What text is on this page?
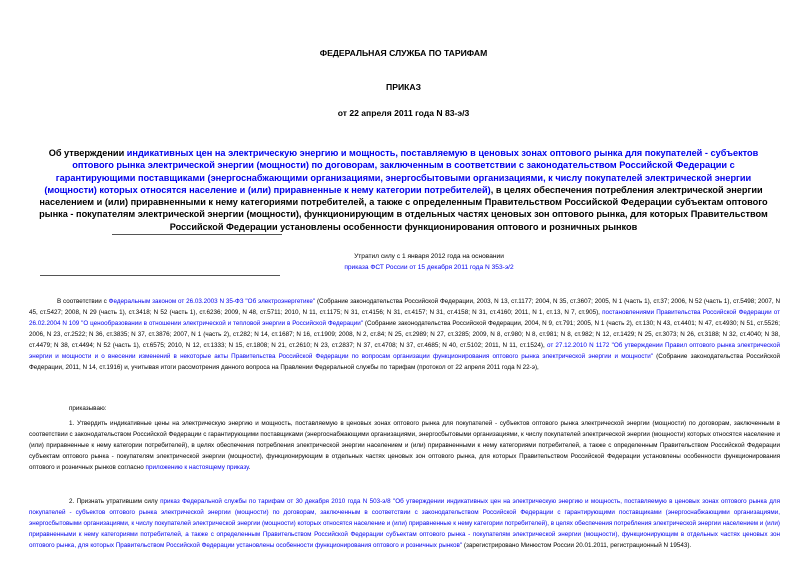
ФЕДЕРАЛЬНАЯ СЛУЖБА ПО ТАРИФАМ
ПРИКАЗ
от 22 апреля 2011 года N 83-э/3
Об утверждении индикативных цен на электрическую энергию и мощность, поставляемую в ценовых зонах оптового рынка для покупателей - субъектов оптового рынка электрической энергии (мощности) по договорам, заключенным в соответствии с законодательством Российской Федерации с гарантирующими поставщиками (энергоснабжающими организациями, энергосбытовыми организациями, к числу покупателей электрической энергии (мощности) которых относятся население и (или) приравненные к нему категории потребителей), в целях обеспечения потребления электрической энергии населением и (или) приравненными к нему категориями потребителей, а также с определенным Правительством Российской Федерации субъектам оптового рынка - покупателям электрической энергии (мощности), функционирующим в отдельных частях ценовых зон оптового рынка, для которых Правительством Российской Федерации установлены особенности функционирования оптового и розничных рынков
Утратил силу с 1 января 2012 года на основании
приказа ФСТ России от 15 декабря 2011 года N 353-э/2
В соответствии с Федеральным законом от 26.03.2003 N 35-ФЗ "Об электроэнергетике" (Собрание законодательства Российской Федерации, 2003, N 13, ст.1177; 2004, N 35, ст.3607; 2005, N 1 (часть 1), ст.37; 2006, N 52 (часть 1), ст.5498; 2007, N 45, ст.5427; 2008, N 29 (часть 1), ст.3418; N 52 (часть 1), ст.6236; 2009, N 48, ст.5711; 2010, N 11, ст.1175; N 31, ст.4156; N 31, ст.4157; N 31, ст.4158; N 31, ст.4160; 2011, N 1, ст.13, N 7, ст.905), постановлениями Правительства Российской Федерации от 26.02.2004 N 109 "О ценообразовании в отношении электрической и тепловой энергии в Российской Федерации" (Собрание законодательства Российской Федерации, 2004, N 9, ст.791; 2005, N 1 (часть 2), ст.130; N 43, ст.4401; N 47, ст.4930; N 51, ст.5526; 2006, N 23, ст.2522; N 36, ст.3835; N 37, ст.3876; 2007, N 1 (часть 2), ст.282; N 14, ст.1687; N 16, ст.1909; 2008, N 2, ст.84; N 25, ст.2989; N 27, ст.3285; 2009, N 8, ст.980; N 8, ст.981; N 8, ст.982; N 12, ст.1429; N 25, ст.3073; N 26, ст.3188; N 32, ст.4040; N 38, ст.4479; N 38, ст.4494; N 52 (часть 1), ст.6575; 2010, N 12, ст.1333; N 15, ст.1808; N 21, ст.2610; N 23, ст.2837; N 37, ст.4708; N 37, ст.4685; N 40, ст.5102; 2011, N 11, ст.1524), от 27.12.2010 N 1172 "Об утверждении Правил оптового рынка электрической энергии и мощности и о внесении изменений в некоторые акты Правительства Российской Федерации по вопросам организации функционирования оптового рынка электрической энергии и мощности" (Собрание законодательства Российской Федерации, 2011, N 14, ст.1916) и, учитывая итоги рассмотрения данного вопроса на Правлении Федеральной службы по тарифам (протокол от 22 апреля 2011 года N 22-э),
приказываю:
1. Утвердить индикативные цены на электрическую энергию и мощность, поставляемую в ценовых зонах оптового рынка для покупателей - субъектов оптового рынка электрической энергии (мощности) по договорам, заключенным в соответствии с законодательством Российской Федерации с гарантирующими поставщиками (энергоснабжающими организациями, энергосбытовыми организациями, к числу покупателей электрической энергии (мощности) которых относятся население и (или) приравненные к нему категории потребителей), в целях обеспечения потребления электрической энергии населением и (или) приравненными к нему категориями потребителей, а также с определенным Правительством Российской Федерации субъектам оптового рынка - покупателям электрической энергии (мощности), функционирующим в отдельных частях ценовых зон оптового рынка, для которых Правительством Российской Федерации установлены особенности функционирования оптового и розничных рынков согласно приложению к настоящему приказу.
2. Признать утратившим силу приказ Федеральной службы по тарифам от 30 декабря 2010 года N 503-э/8 "Об утверждении индикативных цен на электрическую энергию и мощность, поставляемую в ценовых зонах оптового рынка для покупателей - субъектов оптового рынка электрической энергии (мощности) по договорам, заключенным в соответствии с законодательством Российской Федерации с гарантирующими поставщиками (энергоснабжающими организациями, энергосбытовыми организациями, к числу покупателей электрической энергии (мощности) которых относятся население и (или) приравненные к нему категории потребителей), в целях обеспечения потребления электрической энергии населением и (или) приравненными к нему категориями потребителей, а также с определенным Правительством Российской Федерации субъектам оптового рынка - покупателям электрической энергии (мощности), функционирующим в отдельных частях ценовых зон оптового рынка, для которых Правительством Российской Федерации установлены особенности функционирования оптового и розничных рынков" (зарегистрировано Минюстом России 20.01.2011, регистрационный N 19543).
